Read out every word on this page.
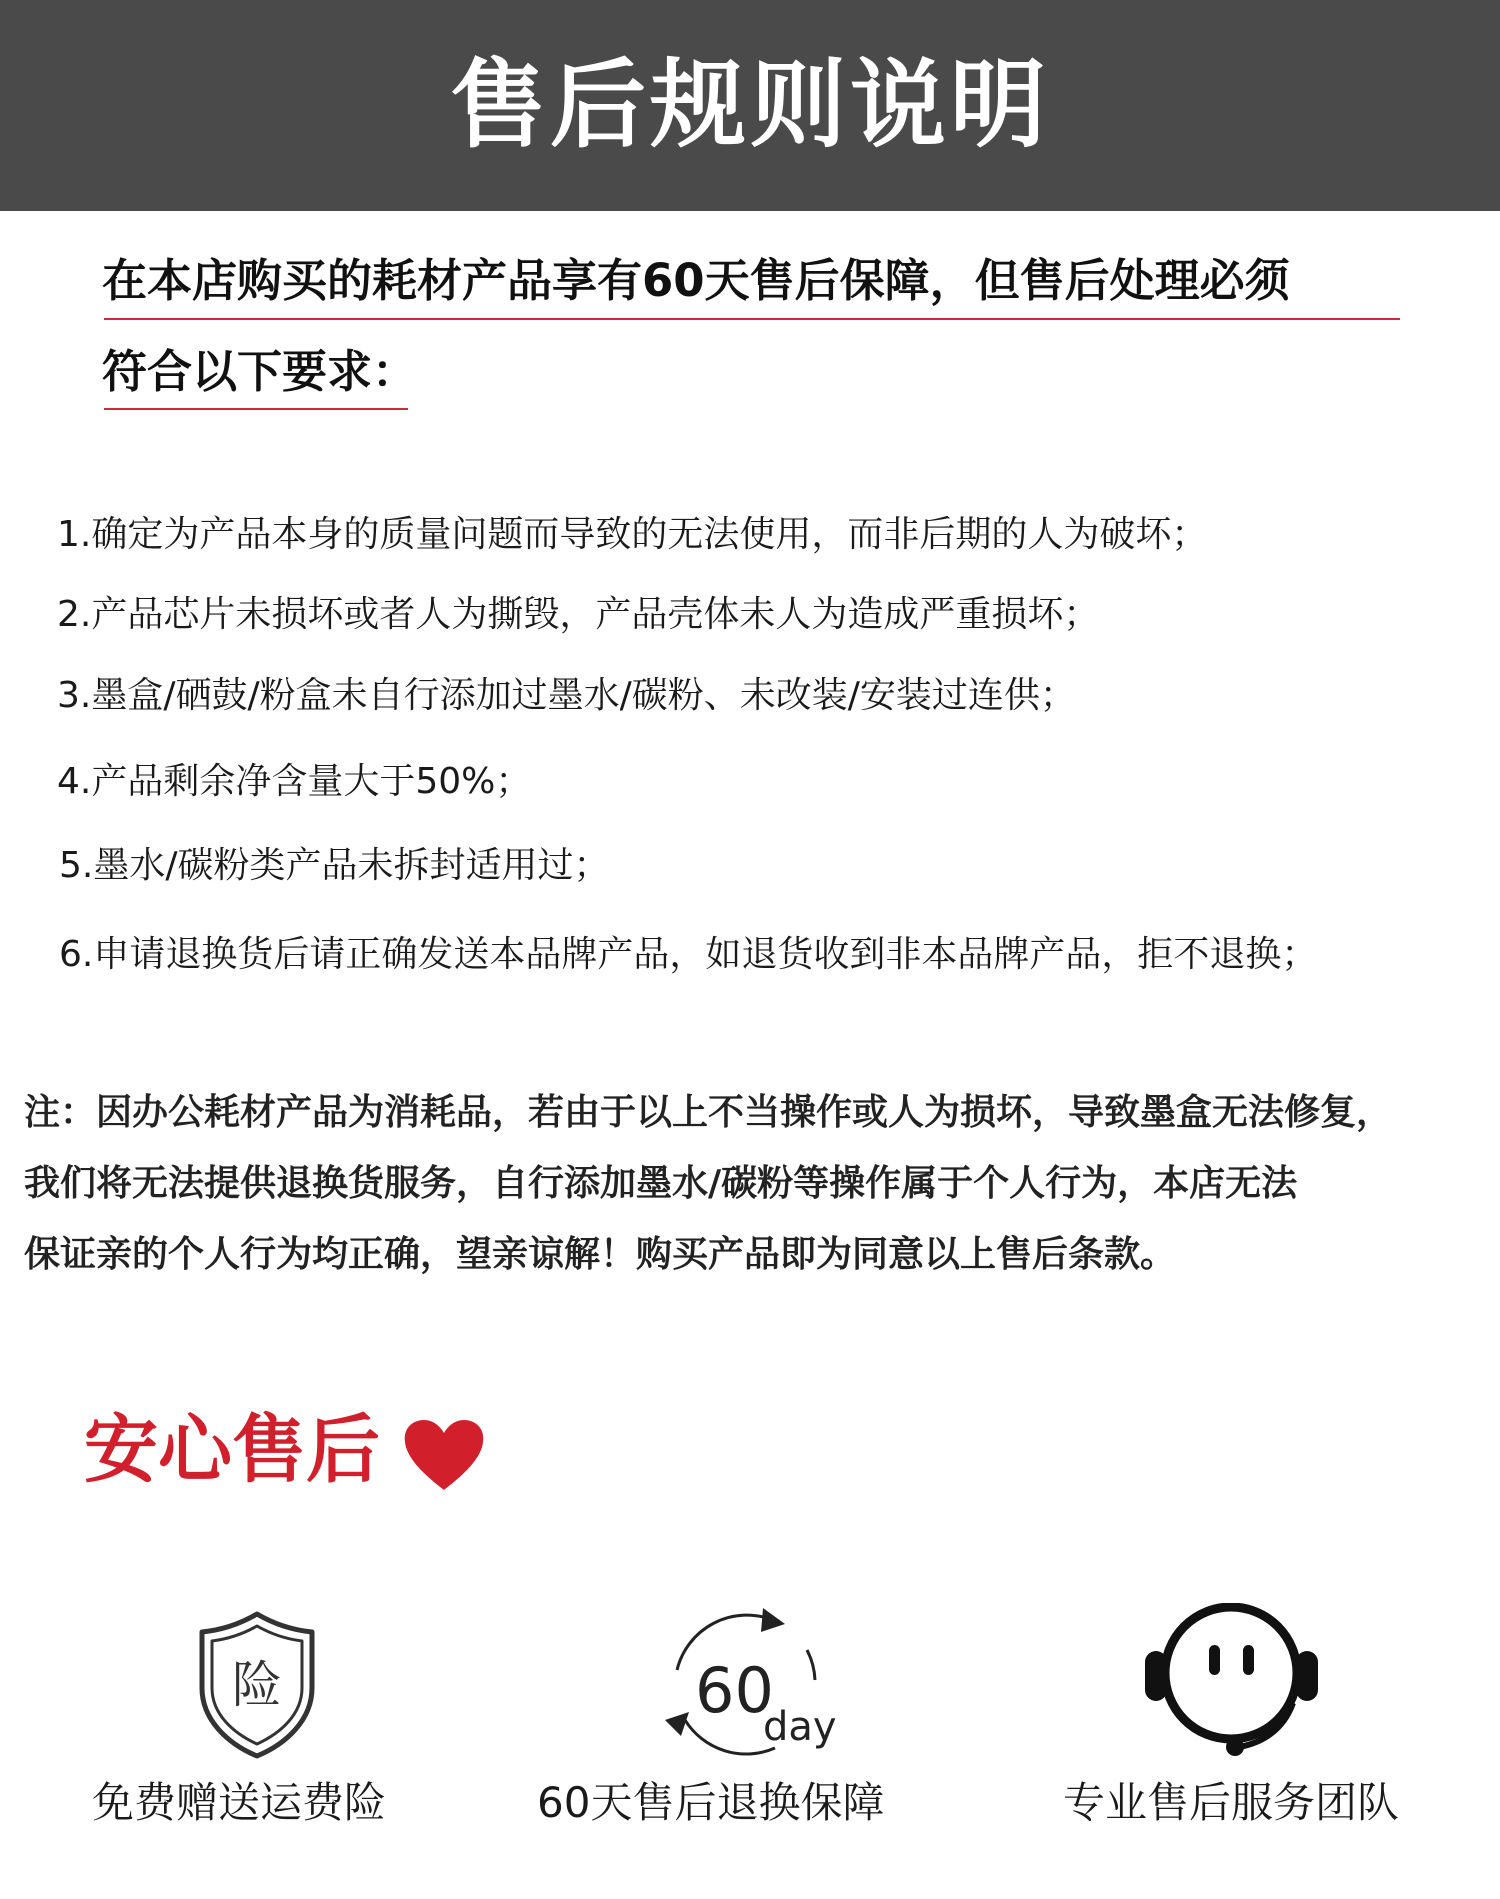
售后规则说明
在本店购买的耗材产品享有60天售后保障，但售后处理必须
符合以下要求：
1.确定为产品本身的质量问题而导致的无法使用，而非后期的人为破坏；
2.产品芯片未损坏或者人为撕毁，产品壳体未人为造成严重损坏；
3.墨盒/硒鼓/粉盒未自行添加过墨水/碳粉、未改装/安装过连供；
4.产品剩余净含量大于50%；
5.墨水/碳粉类产品未拆封适用过；
6.申请退换货后请正确发送本品牌产品，如退货收到非本品牌产品，拒不退换；
注：因办公耗材产品为消耗品，若由于以上不当操作或人为损坏，导致墨盒无法修复，
我们将无法提供退换货服务，自行添加墨水/碳粉等操作属于个人行为，本店无法
保证亲的个人行为均正确，望亲谅解！购买产品即为同意以上售后条款。
安心售后
险	60
day
免费赠送运费险	60天售后退换保障	专业售后服务团队
